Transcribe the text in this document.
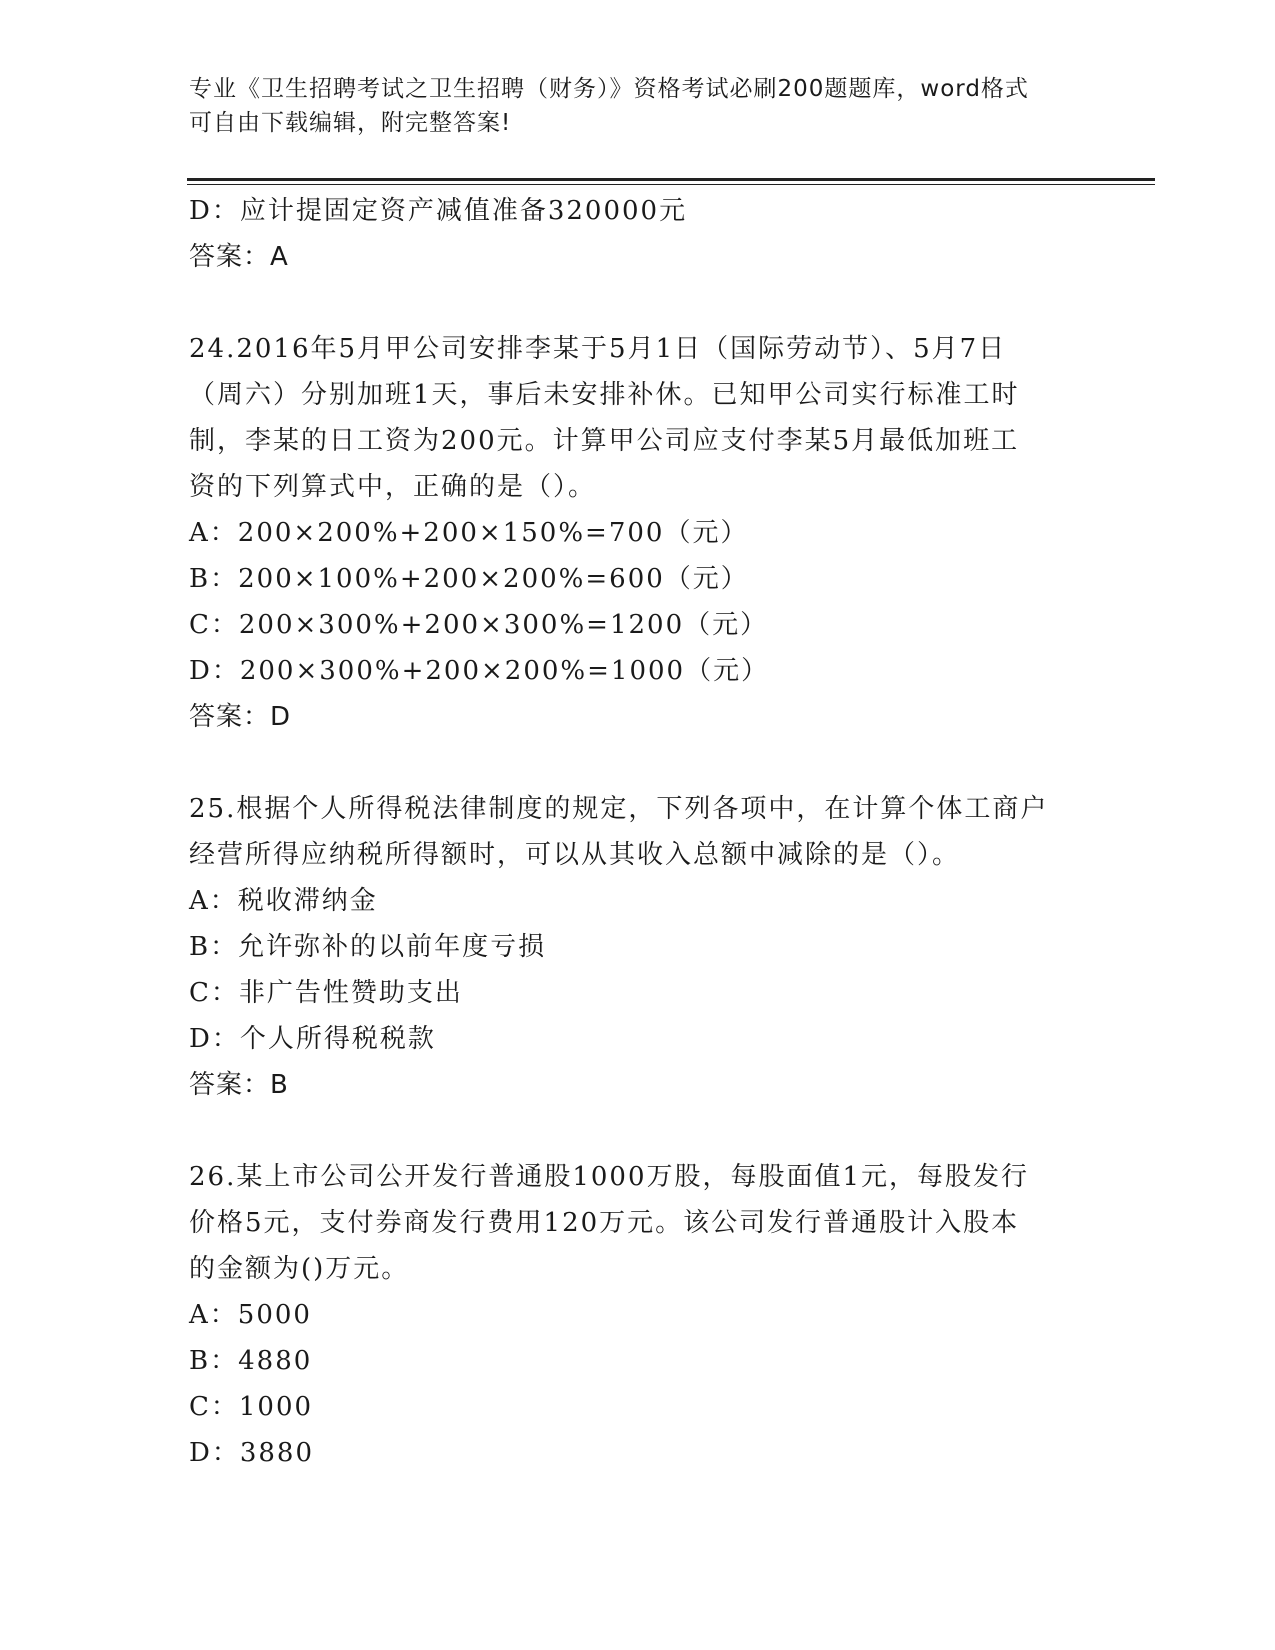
专业《卫生招聘考试之卫生招聘（财务）》资格考试必刷200题题库，word格式
可自由下载编辑，附完整答案!
D：应计提固定资产减值准备320000元
答案：A
24.2016年5月甲公司安排李某于5月1日（国际劳动节）、5月7日
（周六）分别加班1天，事后未安排补休。已知甲公司实行标准工时
制，李某的日工资为200元。计算甲公司应支付李某5月最低加班工
资的下列算式中，正确的是（）。
A：200×200%+200×150%=700（元）
B：200×100%+200×200%=600（元）
C：200×300%+200×300%=1200（元）
D：200×300%+200×200%=1000（元）
答案：D
25.根据个人所得税法律制度的规定，下列各项中，在计算个体工商户
经营所得应纳税所得额时，可以从其收入总额中减除的是（）。
A：税收滞纳金
B：允许弥补的以前年度亏损
C：非广告性赞助支出
D：个人所得税税款
答案：B
26.某上市公司公开发行普通股1000万股，每股面值1元，每股发行
价格5元，支付券商发行费用120万元。该公司发行普通股计入股本
的金额为()万元。
A：5000
B：4880
C：1000
D：3880
